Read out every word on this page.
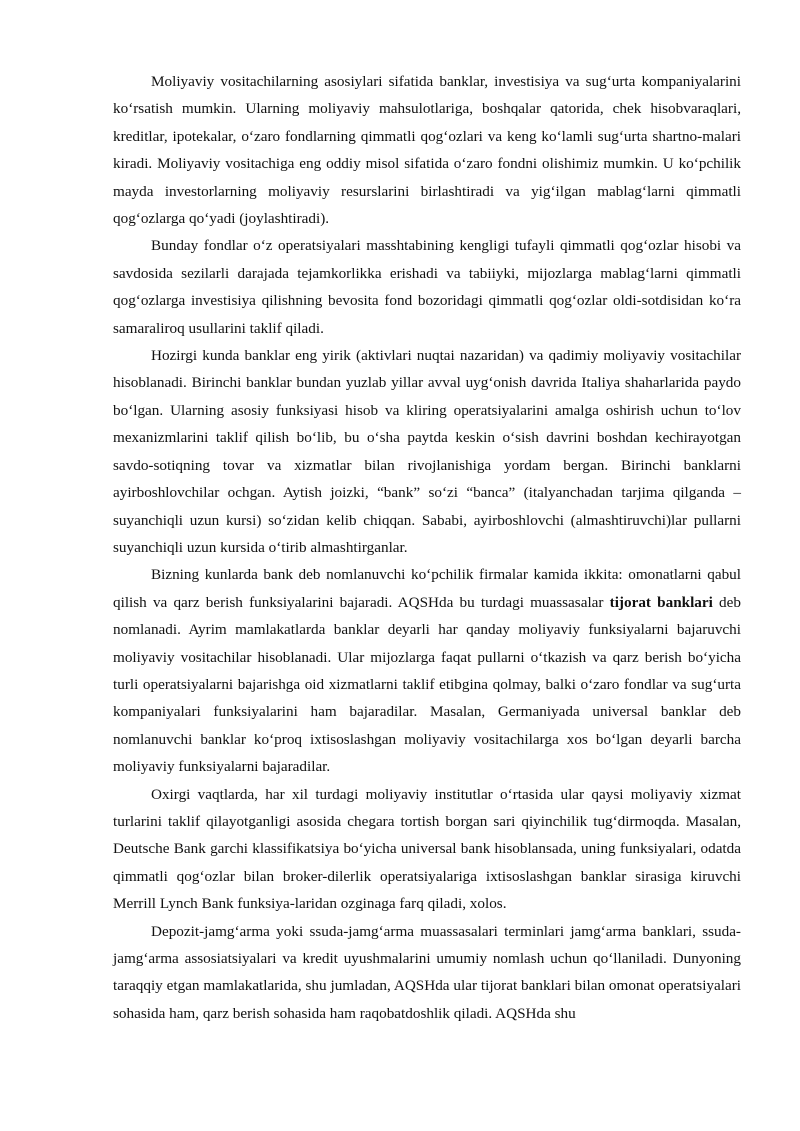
Moliyaviy vositachilarning asosiylari sifatida banklar, investisiya va sug‘urta kompaniyalarini ko‘rsatish mumkin. Ularning moliyaviy mahsulotlariga, boshqalar qatorida, chek hisobvaraqlari, kreditlar, ipotekalar, o‘zaro fondlarning qimmatli qog‘ozlari va keng ko‘lamli sug‘urta shartno-malari kiradi. Moliyaviy vositachiga eng oddiy misol sifatida o‘zaro fondni olishimiz mumkin. U ko‘pchilik mayda investorlarning moliyaviy resurslarini birlashtiradi va yig‘ilgan mablag‘larni qimmatli qog‘ozlarga qo‘yadi (joylashtiradi).

Bunday fondlar o‘z operatsiyalari masshtabining kengligi tufayli qimmatli qog‘ozlar hisobi va savdosida sezilarli darajada tejamkorlikka erishadi va tabiiyki, mijozlarga mablag‘larni qimmatli qog‘ozlarga investisiya qilishning bevosita fond bozoridagi qimmatli qog‘ozlar oldi-sotdisidan ko‘ra samaraliroq usullarini taklif qiladi.

Hozirgi kunda banklar eng yirik (aktivlari nuqtai nazaridan) va qadimiy moliyaviy vositachilar hisoblanadi. Birinchi banklar bundan yuzlab yillar avval uyg‘onish davrida Italiya shaharlarida paydo bo‘lgan. Ularning asosiy funksiyasi hisob va kliring operatsiyalarini amalga oshirish uchun to‘lov mexanizmlarini taklif qilish bo‘lib, bu o‘sha paytda keskin o‘sish davrini boshdan kechirayotgan savdo-sotiqning tovar va xizmatlar bilan rivojlanishiga yordam bergan. Birinchi banklarni ayirboshlovchilar ochgan. Aytish joizki, “bank” so‘zi “banca” (italyanchadan tarjima qilganda – suyanchiqli uzun kursi) so‘zidan kelib chiqqan. Sababi, ayirboshlovchi (almashtiruvchi)lar pullarni suyanchiqli uzun kursida o‘tirib almashtirganlar.

Bizning kunlarda bank deb nomlanuvchi ko‘pchilik firmalar kamida ikkita: omonatlarni qabul qilish va qarz berish funksiyalarini bajaradi. AQSHda bu turdagi muassasalar tijorat banklari deb nomlanadi. Ayrim mamlakatlarda banklar deyarli har qanday moliyaviy funksiyalarni bajaruvchi moliyaviy vositachilar hisoblanadi. Ular mijozlarga faqat pullarni o‘tkazish va qarz berish bo‘yicha turli operatsiyalarni bajarishga oid xizmatlarni taklif etibgina qolmay, balki o‘zaro fondlar va sug‘urta kompaniyalari funksiyalarini ham bajaradilar. Masalan, Germaniyada universal banklar deb nomlanuvchi banklar ko‘proq ixtisoslashgan moliyaviy vositachilarga xos bo‘lgan deyarli barcha moliyaviy funksiyalarni bajaradilar.

Oxirgi vaqtlarda, har xil turdagi moliyaviy institutlar o‘rtasida ular qaysi moliyaviy xizmat turlarini taklif qilayotganligi asosida chegara tortish borgan sari qiyinchilik tug‘dirmoqda. Masalan, Deutsche Bank garchi klassifikatsiya bo‘yicha universal bank hisoblansada, uning funksiyalari, odatda qimmatli qog‘ozlar bilan broker-dilerlik operatsiyalariga ixtisoslashgan banklar sirasiga kiruvchi Merrill Lynch Bank funksiya-laridan ozginaga farq qiladi, xolos.

Depozit-jamg‘arma yoki ssuda-jamg‘arma muassasalari terminlari jamg‘arma banklari, ssuda-jamg‘arma assosiatsiyalari va kredit uyushmalarini umumiy nomlash uchun qo‘llaniladi. Dunyoning taraqqiy etgan mamlakatlarida, shu jumladan, AQSHda ular tijorat banklari bilan omonat operatsiyalari sohasida ham, qarz berish sohasida ham raqobatdoshlik qiladi. AQSHda shu
